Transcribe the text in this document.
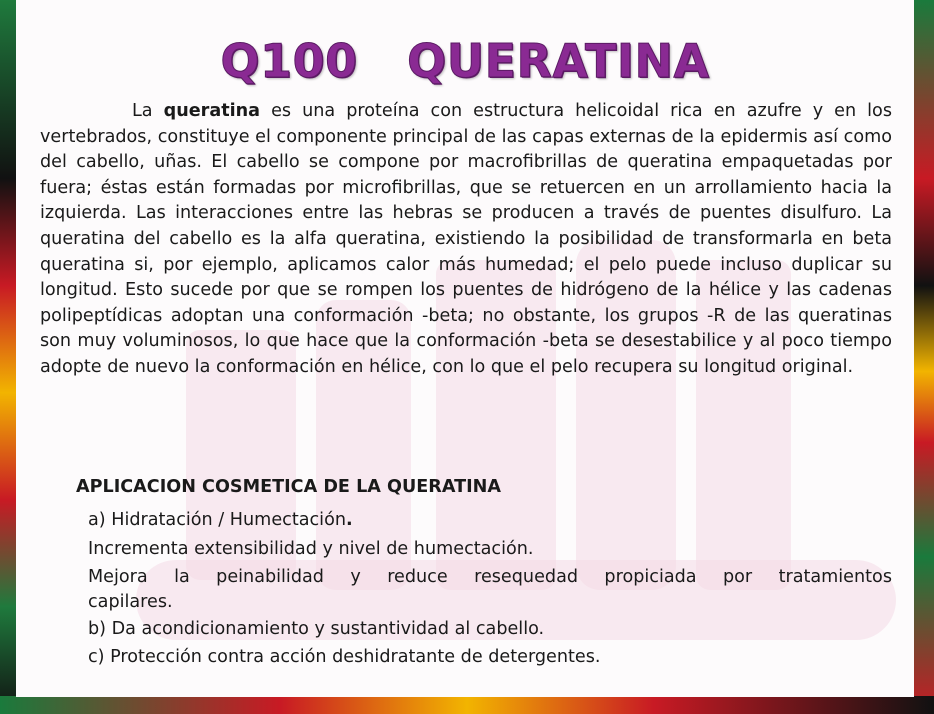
Q100   QUERATINA
La queratina es una proteína con estructura helicoidal rica en azufre y en los vertebrados, constituye el componente principal de las capas externas de la epidermis así como del cabello, uñas. El cabello se compone por macrofibrillas de queratina empaquetadas por fuera; éstas están formadas por microfibrillas, que se retuercen en un arrollamiento hacia la izquierda. Las interacciones entre las hebras se producen a través de puentes disulfuro. La queratina del cabello es la alfa queratina, existiendo la posibilidad de transformarla en beta queratina si, por ejemplo, aplicamos calor más humedad; el pelo puede incluso duplicar su longitud. Esto sucede por que se rompen los puentes de hidrógeno de la hélice y las cadenas polipeptídicas adoptan una conformación -beta; no obstante, los grupos -R de las queratinas son muy voluminosos, lo que hace que la conformación -beta se desestabilice y al poco tiempo adopte de nuevo la conformación en hélice, con lo que el pelo recupera su longitud original.
APLICACION COSMETICA DE LA QUERATINA
a) Hidratación / Humectación.
Incrementa extensibilidad y nivel de humectación.
Mejora la peinabilidad y reduce resequedad propiciada por tratamientos
capilares.
b) Da acondicionamiento y sustantividad al cabello.
c) Protección contra acción deshidratante de detergentes.
